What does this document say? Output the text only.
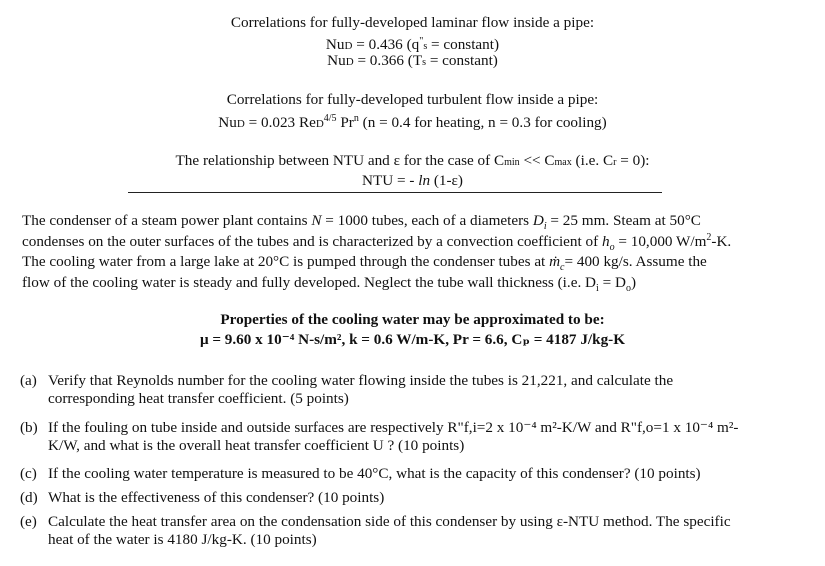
Correlations for fully-developed laminar flow inside a pipe:
NuD = 0.436 (q"s = constant)
NuD = 0.366 (Ts = constant)
Correlations for fully-developed turbulent flow inside a pipe:
NuD = 0.023 ReD$^{4/5}$ Pr$^n$ (n = 0.4 for heating, n = 0.3 for cooling)
The relationship between NTU and ε for the case of Cmin << Cmax (i.e. Cr = 0):
NTU = - ln (1-ε)
The condenser of a steam power plant contains N = 1000 tubes, each of a diameters $D_i = 25$ mm. Steam at 50°C
condenses on the outer surfaces of the tubes and is characterized by a convection coefficient of $h_o = 10,000$ $W/m^2-K$.
The cooling water from a large lake at 20°C is pumped through the condenser tubes at ṁ$_c$= 400 kg/s. Assume the
flow of the cooling water is steady and fully developed. Neglect the tube wall thickness (i.e. $D_i = D_o$)
Properties of the cooling water may be approximated to be:
μ = 9.60 x 10⁻⁴ N-s/m², k = 0.6 W/m-K, Pr = 6.6, Cₚ = 4187 J/kg-K
(a) Verify that Reynolds number for the cooling water flowing inside the tubes is 21,221, and calculate the
corresponding heat transfer coefficient. (5 points)
(b) If the fouling on tube inside and outside surfaces are respectively R"f,i=2 x 10⁻⁴ m²-K/W and R"f,o=1 x 10⁻⁴ m²-
K/W, and what is the overall heat transfer coefficient U ? (10 points)
(c) If the cooling water temperature is measured to be 40°C, what is the capacity of this condenser? (10 points)
(d) What is the effectiveness of this condenser? (10 points)
(e) Calculate the heat transfer area on the condensation side of this condenser by using ε-NTU method. The specific
heat of the water is 4180 J/kg-K. (10 points)
